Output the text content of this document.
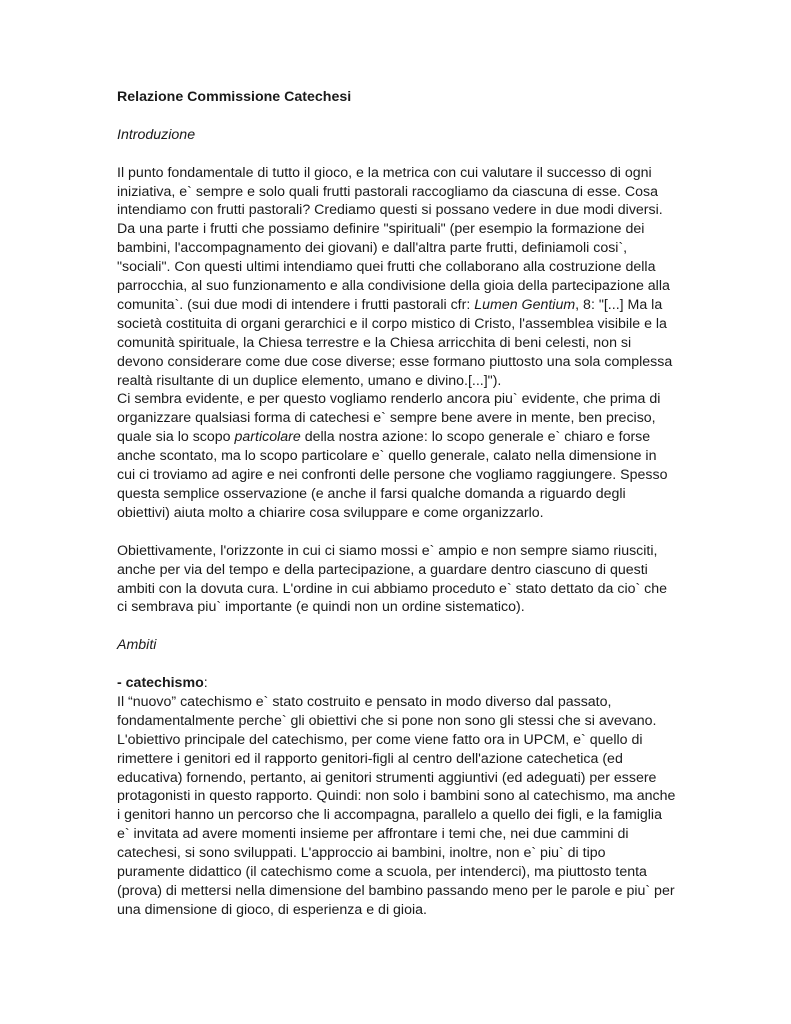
Relazione Commissione Catechesi

Introduzione

Il punto fondamentale di tutto il gioco, e la metrica con cui valutare il successo di ogni iniziativa, e` sempre e solo quali frutti pastorali raccogliamo da ciascuna di esse. Cosa intendiamo con frutti pastorali? Crediamo questi si possano vedere in due modi diversi. Da una parte i frutti che possiamo definire "spirituali" (per esempio la formazione dei bambini, l'accompagnamento dei giovani) e dall'altra parte frutti, definiamoli cosi`, "sociali". Con questi ultimi intendiamo quei frutti che collaborano alla costruzione della parrocchia, al suo funzionamento e alla condivisione della gioia della partecipazione alla comunita`. (sui due modi di intendere i frutti pastorali cfr: Lumen Gentium, 8: "[...] Ma la società costituita di organi gerarchici e il corpo mistico di Cristo, l'assemblea visibile e la comunità spirituale, la Chiesa terrestre e la Chiesa arricchita di beni celesti, non si devono considerare come due cose diverse; esse formano piuttosto una sola complessa realtà risultante di un duplice elemento, umano e divino.[...]").

Ci sembra evidente, e per questo vogliamo renderlo ancora piu` evidente, che prima di organizzare qualsiasi forma di catechesi e` sempre bene avere in mente, ben preciso, quale sia lo scopo particolare della nostra azione: lo scopo generale e` chiaro e forse anche scontato, ma lo scopo particolare e` quello generale, calato nella dimensione in cui ci troviamo ad agire e nei confronti delle persone che vogliamo raggiungere. Spesso questa semplice osservazione (e anche il farsi qualche domanda a riguardo degli obiettivi) aiuta molto a chiarire cosa sviluppare e come organizzarlo.

Obiettivamente, l'orizzonte in cui ci siamo mossi e` ampio e non sempre siamo riusciti, anche per via del tempo e della partecipazione, a guardare dentro ciascuno di questi ambiti con la dovuta cura. L'ordine in cui abbiamo proceduto e` stato dettato da cio` che ci sembrava piu` importante (e quindi non un ordine sistematico).

Ambiti

- catechismo:

Il “nuovo” catechismo e` stato costruito e pensato in modo diverso dal passato, fondamentalmente perche` gli obiettivi che si pone non sono gli stessi che si avevano. L'obiettivo principale del catechismo, per come viene fatto ora in UPCM, e` quello di rimettere i genitori ed il rapporto genitori-figli al centro dell'azione catechetica (ed educativa) fornendo, pertanto, ai genitori strumenti aggiuntivi (ed adeguati) per essere protagonisti in questo rapporto. Quindi: non solo i bambini sono al catechismo, ma anche i genitori hanno un percorso che li accompagna, parallelo a quello dei figli, e la famiglia e` invitata ad avere momenti insieme per affrontare i temi che, nei due cammini di catechesi, si sono sviluppati. L'approccio ai bambini, inoltre, non e` piu` di tipo puramente didattico (il catechismo come a scuola, per intenderci), ma piuttosto tenta (prova) di mettersi nella dimensione del bambino passando meno per le parole e piu` per una dimensione di gioco, di esperienza e di gioia.
